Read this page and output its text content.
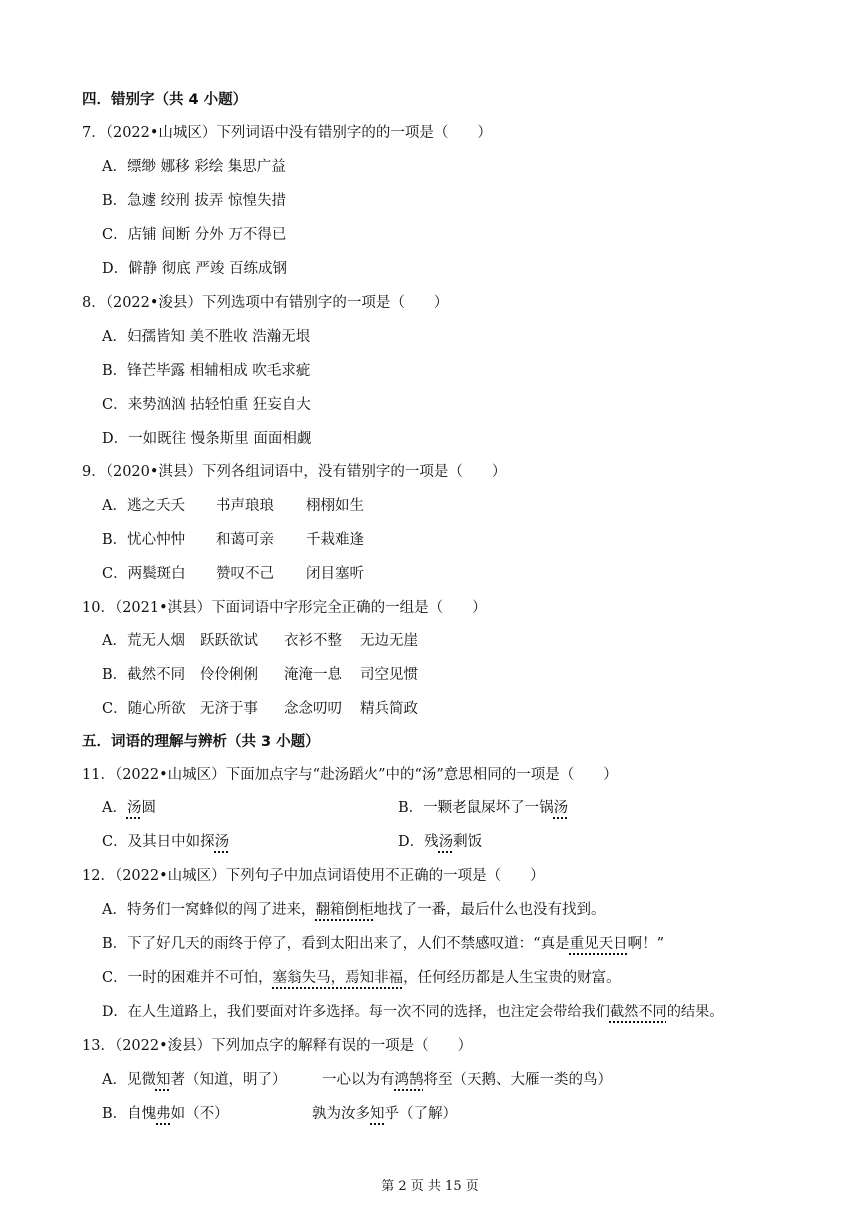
四．错别字（共 4 小题）
7．（2022•山城区）下列词语中没有错别字的的一项是（　　）
A．缥缈 娜移 彩绘 集思广益
B．急遽 绞刑 拔弄 惊惶失措
C．店铺 间断 分外 万不得已
D．僻静 彻底 严竣 百练成钢
8．（2022•浚县）下列选项中有错别字的一项是（　　）
A．妇孺皆知 美不胜收 浩瀚无垠
B．锋芒毕露 相辅相成 吹毛求疵
C．来势汹汹 拈轻怕重 狂妄自大
D．一如既往 慢条斯里 面面相觑
9．（2020•淇县）下列各组词语中，没有错别字的一项是（　　）
A．逃之夭夭 书声琅琅 栩栩如生
B．忧心忡忡 和蔼可亲 千栽难逢
C．两鬓斑白 赞叹不己 闭目塞听
10．（2021•淇县）下面词语中字形完全正确的一组是（　　）
A．荒无人烟 跃跃欲试 衣衫不整 无边无崖
B．截然不同 伶伶俐俐 淹淹一息 司空见惯
C．随心所欲 无济于事 念念叨叨 精兵简政
五．词语的理解与辨析（共 3 小题）
11．（2022•山城区）下面加点字与“赴汤蹈火”中的“汤”意思相同的一项是（　　）
A．汤圆	B．一颗老鼠屎坏了一锅汤
C．及其日中如探汤	D．残汤剩饭
12．（2022•山城区）下列句子中加点词语使用不正确的一项是（　　）
A．特务们一窝蜂似的闯了进来，翻箱倒柜地找了一番，最后什么也没有找到。
B．下了好几天的雨终于停了，看到太阳出来了，人们不禁感叹道：“真是重见天日啊！”
C．一时的困难并不可怕，塞翁失马，焉知非福，任何经历都是人生宝贵的财富。
D．在人生道路上，我们要面对许多选择。每一次不同的选择，也注定会带给我们截然不同的结果。
13．（2022•浚县）下列加点字的解释有误的一项是（　　）
A．见微知著（知道，明了） 一心以为有鸿鹄将至（天鹅、大雁一类的鸟）
B．自愧弗如（不）	孰为汝多知乎（了解）
第 2 页 共 15 页
